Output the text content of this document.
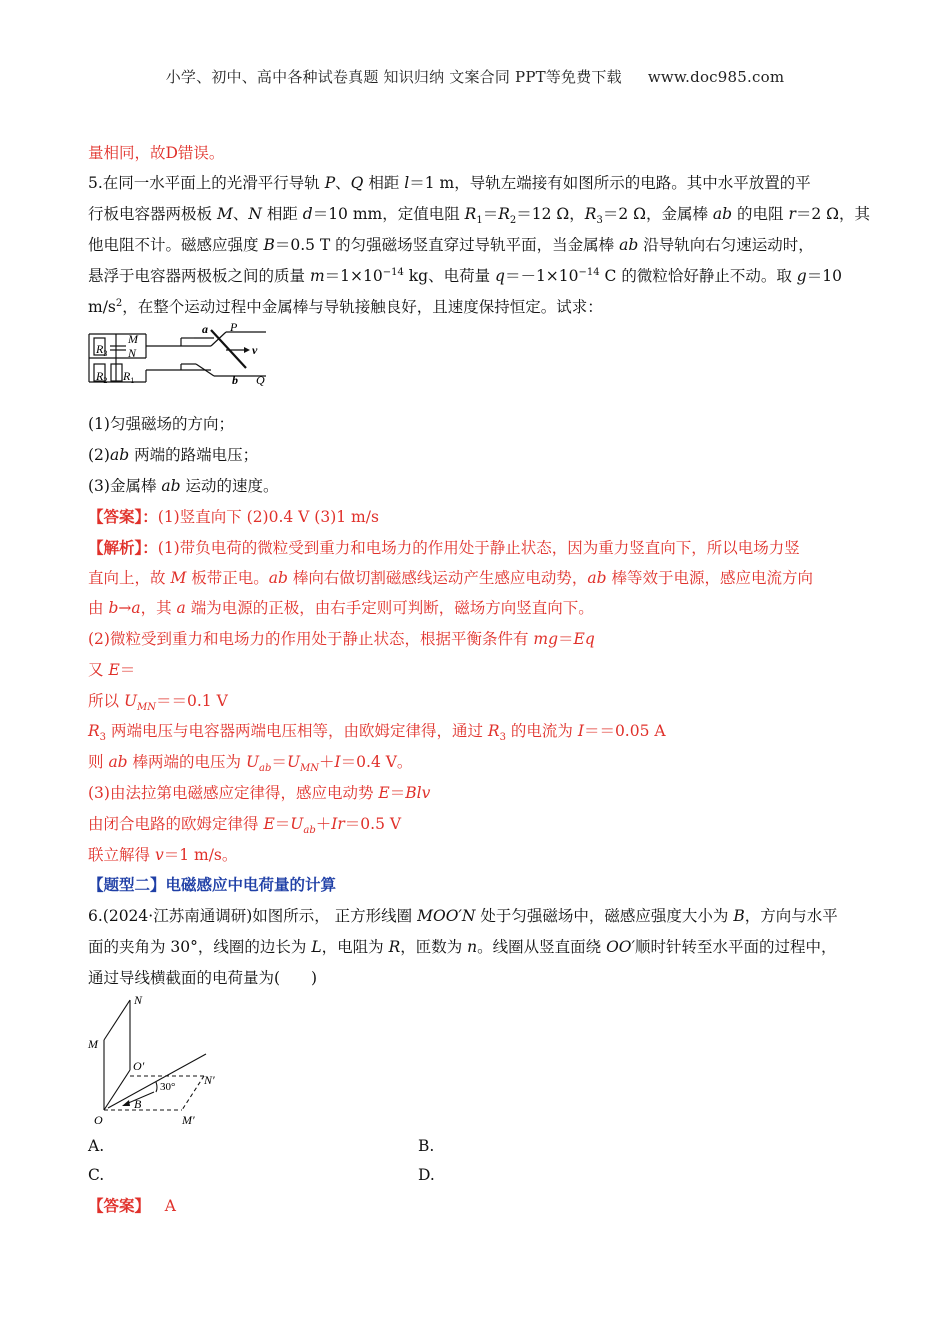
小学、初中、高中各种试卷真题 知识归纳 文案合同 PPT等免费下载 www.doc985.com
量相同，故D错误。
5.在同一水平面上的光滑平行导轨 P、Q 相距 l＝1 m，导轨左端接有如图所示的电路。其中水平放置的平
行板电容器两极板 M、N 相距 d＝10 mm，定值电阻 $R_1=R_2=12$ Ω，$R_3=2$ Ω，金属棒 ab 的电阻 r＝2 Ω，其
他电阻不计。磁感应强度 B＝0.5 T 的匀强磁场竖直穿过导轨平面，当金属棒 ab 沿导轨向右匀速运动时，
悬浮于电容器两极板之间的质量 $m=1\times 10^{-14}$ kg、电荷量 $q=-1\times 10^{-14}$ C 的微粒恰好静止不动。取 g＝10
$m/s^2$，在整个运动过程中金属棒与导轨接触良好，且速度保持恒定。试求：
$R_3$
$R_2$ $R_1$
M
N
a P
v
b Q
(1)匀强磁场的方向；
(2)ab 两端的路端电压；
(3)金属棒 ab 运动的速度。
【答案】：(1)竖直向下 (2)0.4 V (3)1 m/s
【解析】：(1)带负电荷的微粒受到重力和电场力的作用处于静止状态，因为重力竖直向下，所以电场力竖
直向上，故 M 板带正电。ab 棒向右做切割磁感线运动产生感应电动势，ab 棒等效于电源，感应电流方向
由 b→a，其 a 端为电源的正极，由右手定则可判断，磁场方向竖直向下。
(2)微粒受到重力和电场力的作用处于静止状态，根据平衡条件有 mg＝Eq
又 E＝
所以 $U_{MN}==0.1$ V
$R_3$ 两端电压与电容器两端电压相等，由欧姆定律得，通过 $R_3$ 的电流为 I＝＝0.05 A
则 ab 棒两端的电压为 $U_{ab}=U_{MN}+I=0.4$ V。
(3)由法拉第电磁感应定律得，感应电动势 E＝Blv
由闭合电路的欧姆定律得 $E=U_{ab}+Ir=0.5$ V
联立解得 v＝1 m/s。
【题型二】电磁感应中电荷量的计算
6.(2024·江苏南通调研)如图所示， 正方形线圈 MOO′N 处于匀强磁场中，磁感应强度大小为 B，方向与水平
面的夹角为 30°，线圈的边长为 L，电阻为 R，匝数为 n。线圈从竖直面绕 OO′顺时针转至水平面的过程中，
通过导线横截面的电荷量为(　　)
N
M
O′
O
N′
M′
B
30°
A.	B.
C.	D.
【答案】 A
